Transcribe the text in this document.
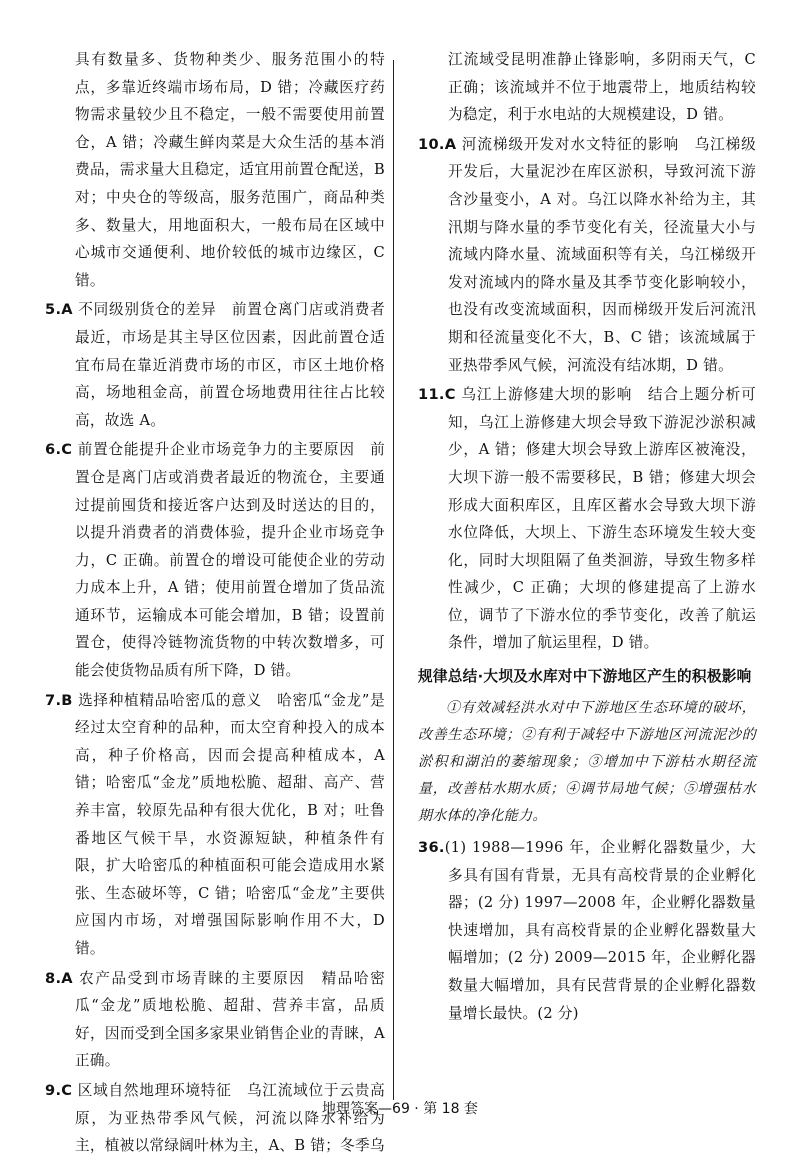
具有数量多、货物种类少、服务范围小的特点，多靠近终端市场布局，D 错；冷藏医疗药物需求量较少且不稳定，一般不需要使用前置仓，A 错；冷藏生鲜肉菜是大众生活的基本消费品，需求量大且稳定，适宜用前置仓配送，B 对；中央仓的等级高，服务范围广，商品种类多、数量大，用地面积大，一般布局在区域中心城市交通便利、地价较低的城市边缘区，C 错。

5.A 不同级别货仓的差异　前置仓离门店或消费者最近，市场是其主导区位因素，因此前置仓适宜布局在靠近消费市场的市区，市区土地价格高，场地租金高，前置仓场地费用往往占比较高，故选 A。

6.C 前置仓能提升企业市场竞争力的主要原因　前置仓是离门店或消费者最近的物流仓，主要通过提前囤货和接近客户达到及时送达的目的，以提升消费者的消费体验，提升企业市场竞争力，C 正确。前置仓的增设可能使企业的劳动力成本上升，A 错；使用前置仓增加了货品流通环节，运输成本可能会增加，B 错；设置前置仓，使得冷链物流货物的中转次数增多，可能会使货物品质有所下降，D 错。

7.B 选择种植精品哈密瓜的意义　哈密瓜“金龙”是经过太空育种的品种，而太空育种投入的成本高，种子价格高，因而会提高种植成本，A 错；哈密瓜“金龙”质地松脆、超甜、高产、营养丰富，较原先品种有很大优化，B 对；吐鲁番地区气候干旱，水资源短缺，种植条件有限，扩大哈密瓜的种植面积可能会造成用水紧张、生态破坏等，C 错；哈密瓜“金龙”主要供应国内市场，对增强国际影响作用不大，D 错。

8.A 农产品受到市场青睐的主要原因　精品哈密瓜“金龙”质地松脆、超甜、营养丰富，品质好，因而受到全国多家果业销售企业的青睐，A 正确。

9.C 区域自然地理环境特征　乌江流域位于云贵高原，为亚热带季风气候，河流以降水补给为主，植被以常绿阔叶林为主，A、B 错；冬季乌

江流域受昆明准静止锋影响，多阴雨天气，C 正确；该流域并不位于地震带上，地质结构较为稳定，利于水电站的大规模建设，D 错。

10.A 河流梯级开发对水文特征的影响　乌江梯级开发后，大量泥沙在库区淤积，导致河流下游含沙量变小，A 对。乌江以降水补给为主，其汛期与降水量的季节变化有关，径流量大小与流域内降水量、流域面积等有关，乌江梯级开发对流域内的降水量及其季节变化影响较小，也没有改变流域面积，因而梯级开发后河流汛期和径流量变化不大，B、C 错；该流域属于亚热带季风气候，河流没有结冰期，D 错。

11.C 乌江上游修建大坝的影响　结合上题分析可知，乌江上游修建大坝会导致下游泥沙淤积减少，A 错；修建大坝会导致上游库区被淹没，大坝下游一般不需要移民，B 错；修建大坝会形成大面积库区，且库区蓄水会导致大坝下游水位降低，大坝上、下游生态环境发生较大变化，同时大坝阻隔了鱼类洄游，导致生物多样性减少，C 正确；大坝的修建提高了上游水位，调节了下游水位的季节变化，改善了航运条件，增加了航运里程，D 错。

规律总结·大坝及水库对中下游地区产生的积极影响

①有效减轻洪水对中下游地区生态环境的破坏，改善生态环境；②有利于减轻中下游地区河流泥沙的淤积和湖泊的萎缩现象；③增加中下游枯水期径流量，改善枯水期水质；④调节局地气候；⑤增强枯水期水体的净化能力。

36.(1) 1988—1996 年，企业孵化器数量少，大多具有国有背景，无具有高校背景的企业孵化器；(2 分) 1997—2008 年，企业孵化器数量快速增加，具有高校背景的企业孵化器数量大幅增加；(2 分) 2009—2015 年，企业孵化器数量大幅增加，具有民营背景的企业孵化器数量增长最快。(2 分)

地理答案—69 · 第 18 套
